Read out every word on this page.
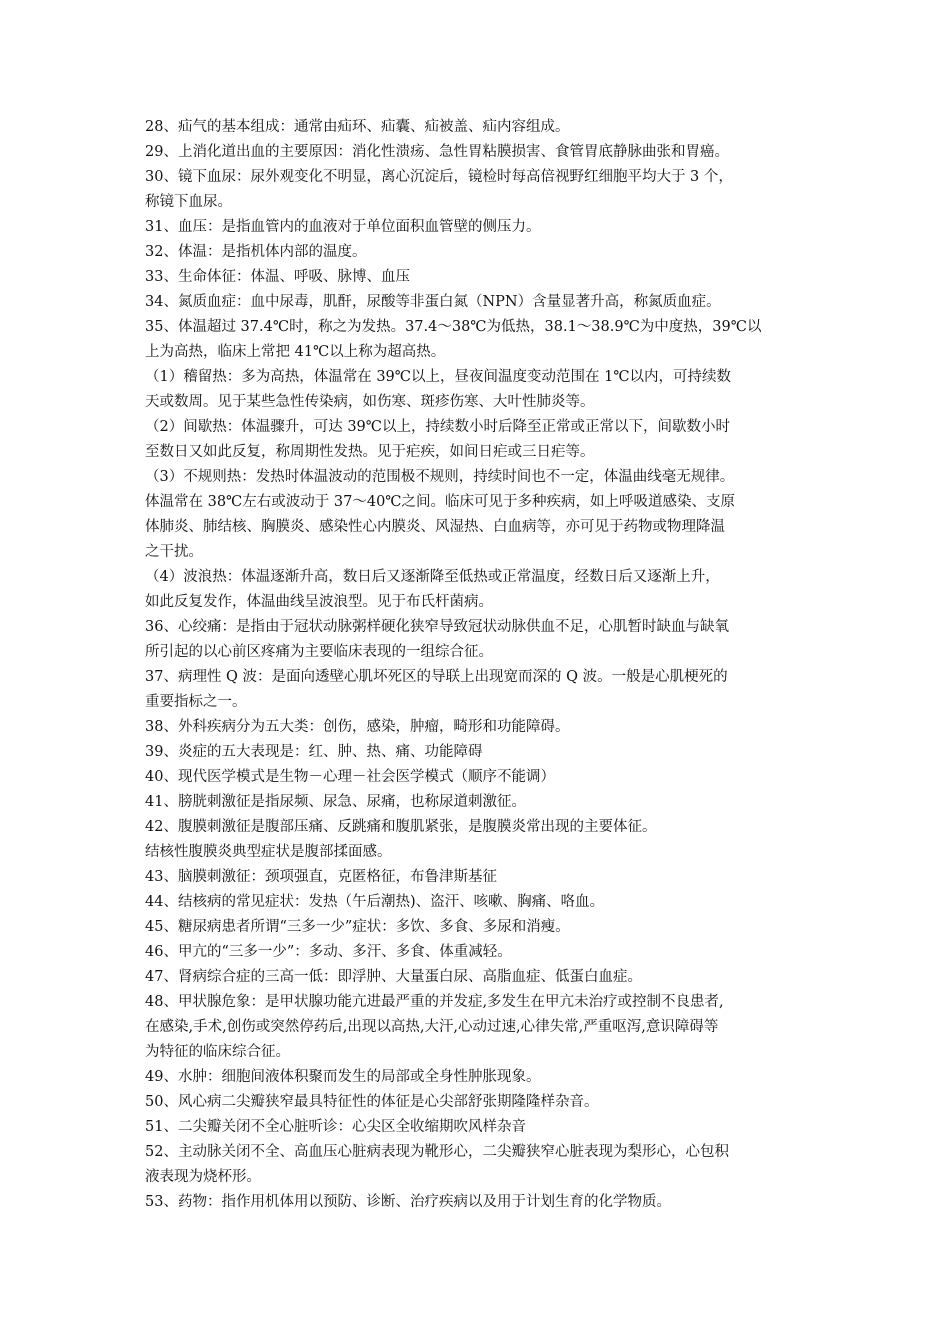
28、疝气的基本组成：通常由疝环、疝囊、疝被盖、疝内容组成。

29、上消化道出血的主要原因：消化性溃疡、急性胃粘膜损害、食管胃底静脉曲张和胃癌。

30、镜下血尿：尿外观变化不明显，离心沉淀后，镜检时每高倍视野红细胞平均大于 3 个，

称镜下血尿。

31、血压：是指血管内的血液对于单位面积血管壁的侧压力。

32、体温：是指机体内部的温度。

33、生命体征：体温、呼吸、脉博、血压

34、氮质血症：血中尿毒，肌酐，尿酸等非蛋白氮（NPN）含量显著升高，称氮质血症。

35、体温超过 37.4℃时，称之为发热。37.4～38℃为低热，38.1～38.9℃为中度热，39℃以

上为高热，临床上常把 41℃以上称为超高热。

（1）稽留热：多为高热，体温常在 39℃以上，昼夜间温度变动范围在 1℃以内，可持续数

天或数周。见于某些急性传染病，如伤寒、斑疹伤寒、大叶性肺炎等。

（2）间歇热：体温骤升，可达 39℃以上，持续数小时后降至正常或正常以下，间歇数小时

至数日又如此反复，称周期性发热。见于疟疾，如间日疟或三日疟等。

（3）不规则热：发热时体温波动的范围极不规则，持续时间也不一定，体温曲线毫无规律。

体温常在 38℃左右或波动于 37～40℃之间。临床可见于多种疾病，如上呼吸道感染、支原

体肺炎、肺结核、胸膜炎、感染性心内膜炎、风湿热、白血病等，亦可见于药物或物理降温

之干扰。

（4）波浪热：体温逐渐升高，数日后又逐渐降至低热或正常温度，经数日后又逐渐上升，

如此反复发作，体温曲线呈波浪型。见于布氏杆菌病。

36、心绞痛：是指由于冠状动脉粥样硬化狭窄导致冠状动脉供血不足，心肌暂时缺血与缺氧

所引起的以心前区疼痛为主要临床表现的一组综合征。

37、病理性 Q 波：是面向透壁心肌坏死区的导联上出现宽而深的 Q 波。一般是心肌梗死的

重要指标之一。

38、外科疾病分为五大类：创伤，感染，肿瘤，畸形和功能障碍。

39、炎症的五大表现是：红、肿、热、痛、功能障碍

40、现代医学模式是生物－心理－社会医学模式（顺序不能调）

41、膀胱刺激征是指尿频、尿急、尿痛，也称尿道刺激征。

42、腹膜刺激征是腹部压痛、反跳痛和腹肌紧张，是腹膜炎常出现的主要体征。

结核性腹膜炎典型症状是腹部揉面感。

43、脑膜刺激征：颈项强直，克匿格征，布鲁津斯基征

44、结核病的常见症状：发热（午后潮热)、盗汗、咳嗽、胸痛、咯血。

45、糖尿病患者所谓“三多一少”症状：多饮、多食、多尿和消瘦。

46、甲亢的“三多一少”：多动、多汗、多食、体重减轻。

47、肾病综合症的三高一低：即浮肿、大量蛋白尿、高脂血症、低蛋白血症。

48、甲状腺危象：是甲状腺功能亢进最严重的并发症,多发生在甲亢未治疗或控制不良患者,

在感染,手术,创伤或突然停药后,出现以高热,大汗,心动过速,心律失常,严重呕泻,意识障碍等

为特征的临床综合征。

49、水肿：细胞间液体积聚而发生的局部或全身性肿胀现象。

50、风心病二尖瓣狭窄最具特征性的体征是心尖部舒张期隆隆样杂音。

51、二尖瓣关闭不全心脏听诊：心尖区全收缩期吹风样杂音

52、主动脉关闭不全、高血压心脏病表现为靴形心，二尖瓣狭窄心脏表现为梨形心，心包积

液表现为烧杯形。

53、药物：指作用机体用以预防、诊断、治疗疾病以及用于计划生育的化学物质。
